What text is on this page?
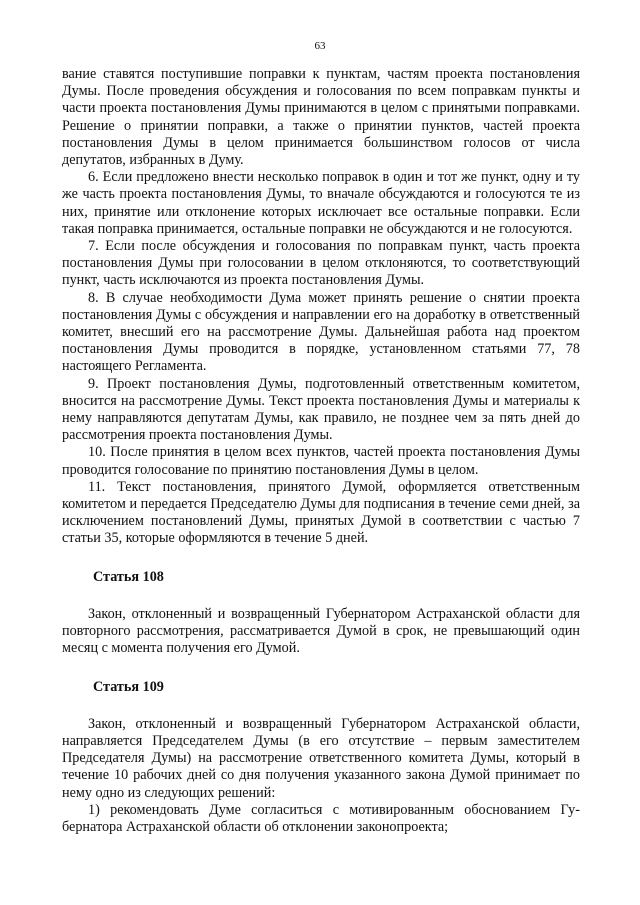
63

вание ставятся поступившие поправки к пунктам, частям проекта постановления Думы. После проведения обсуждения и голосования по всем поправкам пункты и части проекта постановления Думы принимаются в целом с принятыми поправками. Решение о принятии поправки, а также о принятии пунктов, частей проекта постановления Думы в целом принимается большинством голосов от числа депутатов, избранных в Думу.

6. Если предложено внести несколько поправок в один и тот же пункт, одну и ту же часть проекта постановления Думы, то вначале обсуждаются и голосуются те из них, принятие или отклонение которых исключает все остальные поправки. Если такая поправка принимается, остальные поправки не обсуждаются и не голосуются.

7. Если после обсуждения и голосования по поправкам пункт, часть проекта постановления Думы при голосовании в целом отклоняются, то соответствующий пункт, часть исключаются из проекта постановления Думы.

8. В случае необходимости Дума может принять решение о снятии проекта постановления Думы с обсуждения и направлении его на доработку в ответственный комитет, внесший его на рассмотрение Думы. Дальнейшая работа над проектом постановления Думы проводится в порядке, установленном статьями 77, 78 настоящего Регламента.

9. Проект постановления Думы, подготовленный ответственным комитетом, вносится на рассмотрение Думы. Текст проекта постановления Думы и материалы к нему направляются депутатам Думы, как правило, не позднее чем за пять дней до рассмотрения проекта постановления Думы.

10. После принятия в целом всех пунктов, частей проекта постановления Думы проводится голосование по принятию постановления Думы в целом.

11. Текст постановления, принятого Думой, оформляется ответственным комитетом и передается Председателю Думы для подписания в течение семи дней, за исключением постановлений Думы, принятых Думой в соответствии с частью 7 статьи 35, которые оформляются в течение 5 дней.

Статья 108

Закон, отклоненный и возвращенный Губернатором Астраханской области для повторного рассмотрения, рассматривается Думой в срок, не превышающий один месяц с момента получения его Думой.

Статья 109

Закон, отклоненный и возвращенный Губернатором Астраханской области, направляется Председателем Думы (в его отсутствие – первым заместителем Председателя Думы) на рассмотрение ответственного комитета Думы, который в течение 10 рабочих дней со дня получения указанного закона Думой принимает по нему одно из следующих решений:

1) рекомендовать Думе согласиться с мотивированным обоснованием Губернатора Астраханской области об отклонении законопроекта;
